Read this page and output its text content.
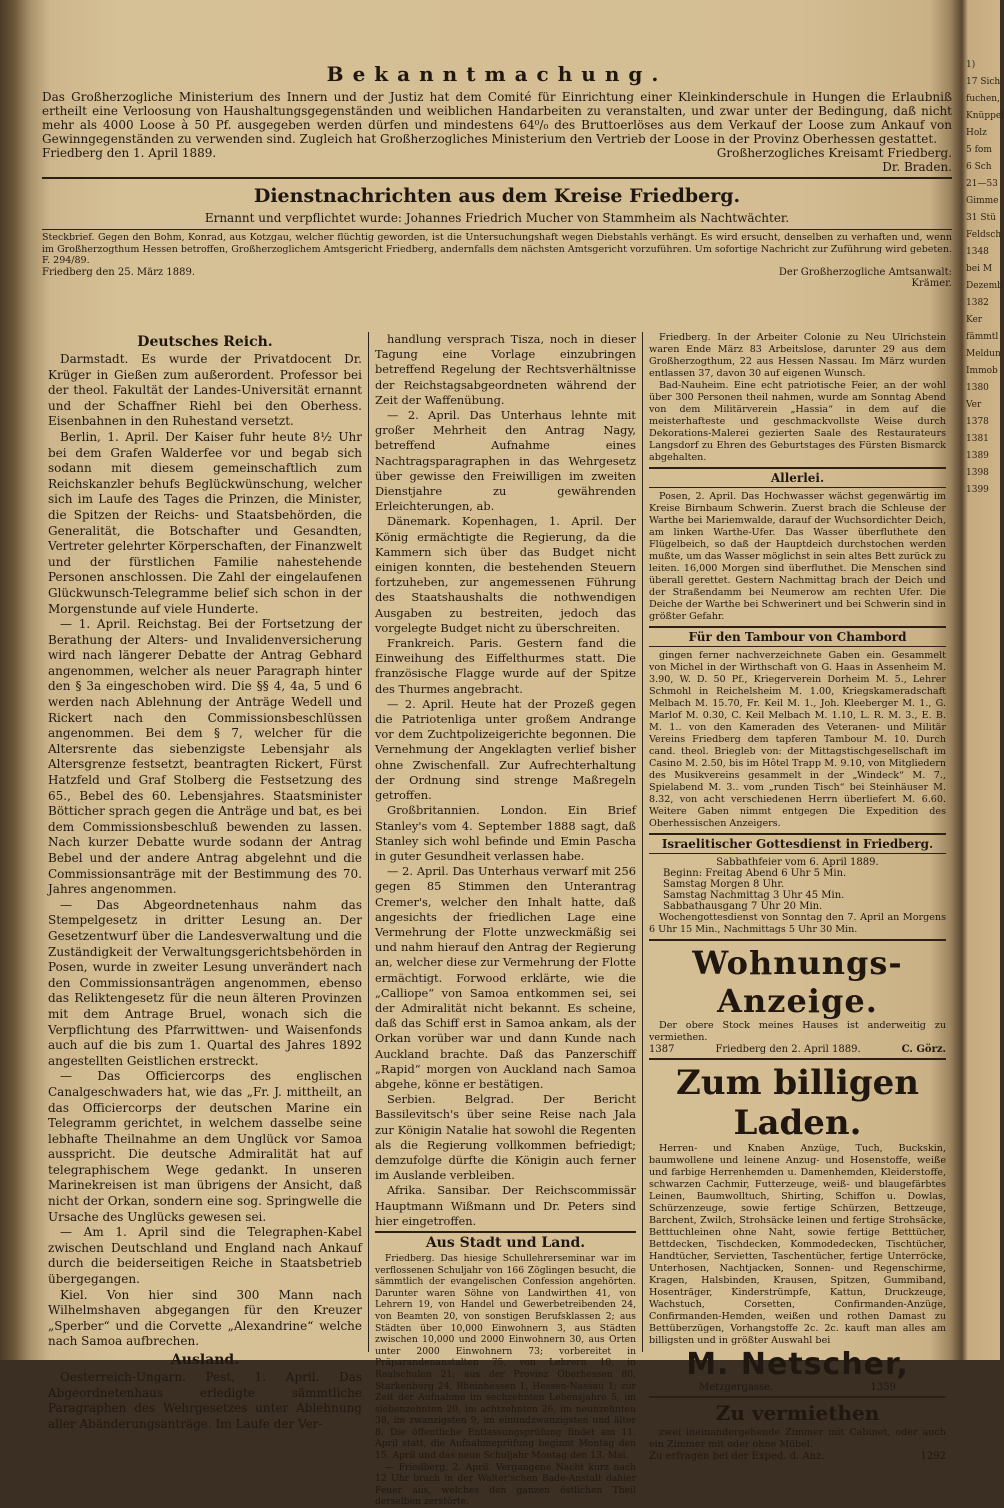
Bekanntmachung.

Das Großherzogliche Ministerium des Innern und der Justiz hat dem Comité für Einrichtung einer Kleinkinderschule in Hungen die Erlaubniß ertheilt eine Verloosung von Haushaltungsgegenständen und weiblichen Handarbeiten zu veranstalten, und zwar unter der Bedingung, daß nicht mehr als 4000 Loose à 50 Pf. ausgegeben werden dürfen und mindestens 64⁰/₀ des Bruttoerlöses aus dem Verkauf der Loose zum Ankauf von Gewinngegenständen zu verwenden sind. Zugleich hat Großherzogliches Ministerium den Vertrieb der Loose in der Provinz Oberhessen gestattet.

Friedberg den 1. April 1889.	Großherzogliches Kreisamt Friedberg.
Dr. Braden.
Dienstnachrichten aus dem Kreise Friedberg.

Ernannt und verpflichtet wurde: Johannes Friedrich Mucher von Stammheim als Nachtwächter.

Steckbrief. Gegen den Bohm, Konrad, aus Kotzgau, welcher flüchtig geworden, ist die Untersuchungshaft wegen Diebstahls verhängt. Es wird ersucht, denselben zu verhaften und, wenn im Großherzogthum Hessen betroffen, Großherzoglichem Amtsgericht Friedberg, andernfalls dem nächsten Amtsgericht vorzuführen. Um sofortige Nachricht zur Zuführung wird gebeten. F. 294/89.

Friedberg den 25. März 1889.	Der Großherzogliche Amtsanwalt:
Krämer.
Deutsches Reich.

Darmstadt. Es wurde der Privatdocent Dr. Krüger in Gießen zum außerordent. Professor bei der theol. Fakultät der Landes-Universität ernannt und der Schaffner Riehl bei den Oberhess. Eisenbahnen in den Ruhestand versetzt.

Berlin, 1. April. Der Kaiser fuhr heute 8½ Uhr bei dem Grafen Walderfee vor und begab sich sodann mit diesem gemeinschaftlich zum Reichskanzler behufs Beglückwünschung, welcher sich im Laufe des Tages die Prinzen, die Minister, die Spitzen der Reichs- und Staatsbehörden, die Generalität, die Botschafter und Gesandten, Vertreter gelehrter Körperschaften, der Finanzwelt und der fürstlichen Familie nahestehende Personen anschlossen. Die Zahl der eingelaufenen Glückwunsch-Telegramme belief sich schon in der Morgenstunde auf viele Hunderte.

— 1. April. Reichstag. Bei der Fortsetzung der Berathung der Alters- und Invalidenversicherung wird nach längerer Debatte der Antrag Gebhard angenommen, welcher als neuer Paragraph hinter den § 3a eingeschoben wird. Die §§ 4, 4a, 5 und 6 werden nach Ablehnung der Anträge Wedell und Rickert nach den Commissionsbeschlüssen angenommen. Bei dem § 7, welcher für die Altersrente das siebenzigste Lebensjahr als Altersgrenze festsetzt, beantragten Rickert, Fürst Hatzfeld und Graf Stolberg die Festsetzung des 65., Bebel des 60. Lebensjahres. Staatsminister Bötticher sprach gegen die Anträge und bat, es bei dem Commissionsbeschluß bewenden zu lassen. Nach kurzer Debatte wurde sodann der Antrag Bebel und der andere Antrag abgelehnt und die Commissionsanträge mit der Bestimmung des 70. Jahres angenommen.

— Das Abgeordnetenhaus nahm das Stempelgesetz in dritter Lesung an. Der Gesetzentwurf über die Landesverwaltung und die Zuständigkeit der Verwaltungsgerichtsbehörden in Posen, wurde in zweiter Lesung unverändert nach den Commissionsanträgen angenommen, ebenso das Reliktengesetz für die neun älteren Provinzen mit dem Antrage Bruel, wonach sich die Verpflichtung des Pfarrwittwen- und Waisenfonds auch auf die bis zum 1. Quartal des Jahres 1892 angestellten Geistlichen erstreckt.

— Das Officiercorps des englischen Canalgeschwaders hat, wie das „Fr. J. mittheilt, an das Officiercorps der deutschen Marine ein Telegramm gerichtet, in welchem dasselbe seine lebhafte Theilnahme an dem Unglück vor Samoa ausspricht. Die deutsche Admiralität hat auf telegraphischem Wege gedankt. In unseren Marinekreisen ist man übrigens der Ansicht, daß nicht der Orkan, sondern eine sog. Springwelle die Ursache des Unglücks gewesen sei.

— Am 1. April sind die Telegraphen-Kabel zwischen Deutschland und England nach Ankauf durch die beiderseitigen Reiche in Staatsbetrieb übergegangen.

Kiel. Von hier sind 300 Mann nach Wilhelmshaven abgegangen für den Kreuzer „Sperber“ und die Corvette „Alexandrine“ welche nach Samoa aufbrechen.

Ausland.

Oesterreich-Ungarn. Pest, 1. April. Das Abgeordnetenhaus erledigte sämmtliche Paragraphen des Wehrgesetzes unter Ablehnung aller Abänderungsanträge. Im Laufe der Ver-

handlung versprach Tisza, noch in dieser Tagung eine Vorlage einzubringen betreffend Regelung der Rechtsverhältnisse der Reichstagsabgeordneten während der Zeit der Waffenübung.

— 2. April. Das Unterhaus lehnte mit großer Mehrheit den Antrag Nagy, betreffend Aufnahme eines Nachtragsparagraphen in das Wehrgesetz über gewisse den Freiwilligen im zweiten Dienstjahre zu gewährenden Erleichterungen, ab.

Dänemark. Kopenhagen, 1. April. Der König ermächtigte die Regierung, da die Kammern sich über das Budget nicht einigen konnten, die bestehenden Steuern fortzuheben, zur angemessenen Führung des Staatshaushalts die nothwendigen Ausgaben zu bestreiten, jedoch das vorgelegte Budget nicht zu überschreiten.

Frankreich. Paris. Gestern fand die Einweihung des Eiffelthurmes statt. Die französische Flagge wurde auf der Spitze des Thurmes angebracht.

— 2. April. Heute hat der Prozeß gegen die Patriotenliga unter großem Andrange vor dem Zuchtpolizeigerichte begonnen. Die Vernehmung der Angeklagten verlief bisher ohne Zwischenfall. Zur Aufrechterhaltung der Ordnung sind strenge Maßregeln getroffen.

Großbritannien. London. Ein Brief Stanley's vom 4. September 1888 sagt, daß Stanley sich wohl befinde und Emin Pascha in guter Gesundheit verlassen habe.

— 2. April. Das Unterhaus verwarf mit 256 gegen 85 Stimmen den Unterantrag Cremer's, welcher den Inhalt hatte, daß angesichts der friedlichen Lage eine Vermehrung der Flotte unzweckmäßig sei und nahm hierauf den Antrag der Regierung an, welcher diese zur Vermehrung der Flotte ermächtigt. Forwood erklärte, wie die „Calliope“ von Samoa entkommen sei, sei der Admiralität nicht bekannt. Es scheine, daß das Schiff erst in Samoa ankam, als der Orkan vorüber war und dann Kunde nach Auckland brachte. Daß das Panzerschiff „Rapid“ morgen von Auckland nach Samoa abgehe, könne er bestätigen.

Serbien. Belgrad. Der Bericht Bassilevitsch's über seine Reise nach Jala zur Königin Natalie hat sowohl die Regenten als die Regierung vollkommen befriedigt; demzufolge dürfte die Königin auch ferner im Auslande verbleiben.

Afrika. Sansibar. Der Reichscommissär Hauptmann Wißmann und Dr. Peters sind hier eingetroffen.

Aus Stadt und Land.

Friedberg. Das hiesige Schullehrerseminar war im verflossenen Schuljahr von 166 Zöglingen besucht, die sämmtlich der evangelischen Confession angehörten. Darunter waren Söhne von Landwirthen 41, von Lehrern 19, von Handel und Gewerbetreibenden 24, von Beamten 20, von sonstigen Berufsklassen 2; aus Städten über 10,000 Einwohnern 3, aus Städten zwischen 10,000 und 2000 Einwohnern 30, aus Orten unter 2000 Einwohnern 73; vorbereitet in Präparandenanstalten 75, von Lehrern 10, in Realschulen 21; aus der Provinz Oberhessen 80, Starkenburg 24, Rheinhessen 1, Hessen-Nassau 1; zur Zeit der Aufnahme im sechzehnten Lebensjahre 5, im siebenzehnten 20, im achtzehnten 26, im neunzehnten 38, im zwanzigsten 9, im einundzwanzigsten und älter 8. Die öffentliche Entlassungsprüfung findet am 11. April statt, die Aufnahmeprüfung beginnt Montag den 15. April und das neue Schuljahr Montag den 13. Mai.

— Friedberg, 2. April. Vergangene Nacht kurz nach 12 Uhr brach in der Walter'schen Bade-Anstalt dahier Feuer aus, welches den ganzen östlichen Theil derselben zerstörte.

Friedberg. In der Arbeiter Colonie zu Neu Ulrichstein waren Ende März 83 Arbeitslose, darunter 29 aus dem Großherzogthum, 22 aus Hessen Nassau. Im März wurden entlassen 37, davon 30 auf eigenen Wunsch.

Bad-Nauheim. Eine echt patriotische Feier, an der wohl über 300 Personen theil nahmen, wurde am Sonntag Abend von dem Militärverein „Hassia“ in dem auf die meisterhafteste und geschmackvollste Weise durch Dekorations-Malerei gezierten Saale des Restaurateurs Langsdorf zu Ehren des Geburtstages des Fürsten Bismarck abgehalten.

Allerlei.

Posen, 2. April. Das Hochwasser wächst gegenwärtig im Kreise Birnbaum Schwerin. Zuerst brach die Schleuse der Warthe bei Mariemwalde, darauf der Wuchsordichter Deich, am linken Warthe-Ufer. Das Wasser überfluthete den Flügelbeich, so daß der Hauptdeich durchstochen werden mußte, um das Wasser möglichst in sein altes Bett zurück zu leiten. 16,000 Morgen sind überfluthet. Die Menschen sind überall gerettet. Gestern Nachmittag brach der Deich und der Straßendamm bei Neumerow am rechten Ufer. Die Deiche der Warthe bei Schwerinert und bei Schwerin sind in größter Gefahr.

Für den Tambour von Chambord

gingen ferner nachverzeichnete Gaben ein. Gesammelt von Michel in der Wirthschaft von G. Haas in Assenheim M. 3.90, W. D. 50 Pf., Kriegerverein Dorheim M. 5., Lehrer Schmohl in Reichelsheim M. 1.00, Kriegskameradschaft Melbach M. 15.70, Fr. Keil M. 1., Joh. Kleeberger M. 1., G. Marlof M. 0.30, C. Keil Melbach M. 1.10, L. R. M. 3., E. B. M. 1.. von den Kameraden des Veteranen- und Militär Vereins Friedberg dem tapferen Tambour M. 10. Durch cand. theol. Briegleb von: der Mittagstischgesellschaft im Casino M. 2.50, bis im Hôtel Trapp M. 9.10, von Mitgliedern des Musikvereins gesammelt in der „Windeck“ M. 7., Spielabend M. 3.. vom „runden Tisch“ bei Steinhäuser M. 8.32, von acht verschiedenen Herrn überliefert M. 6.60. Weitere Gaben nimmt entgegen Die Expedition des Oberhessischen Anzeigers.

Israelitischer Gottesdienst in Friedberg.
Sabbathfeier vom 6. April 1889.
Beginn: Freitag Abend 6 Uhr 5 Min.
Samstag Morgen 8 Uhr.
Samstag Nachmittag 3 Uhr 45 Min.
Sabbathausgang 7 Uhr 20 Min.

Wochengottesdienst von Sonntag den 7. April an Morgens 6 Uhr 15 Min., Nachmittags 5 Uhr 30 Min.

Wohnungs-Anzeige.

Der obere Stock meines Hauses ist anderweitig zu vermiethen.

1387	Friedberg den 2. April 1889.	C. Görz.
Zum billigen Laden.

Herren- und Knaben Anzüge, Tuch, Buckskin, baumwollene und leinene Anzug- und Hosenstoffe, weiße und farbige Herrenhemden u. Damenhemden, Kleiderstoffe, schwarzen Cachmir, Futterzeuge, weiß- und blaugefärbtes Leinen, Baumwolltuch, Shirting, Schiffon u. Dowlas, Schürzenzeuge, sowie fertige Schürzen, Bettzeuge, Barchent, Zwilch, Strohsäcke leinen und fertige Strohsäcke, Betttuchleinen ohne Naht, sowie fertige Betttücher, Bettdecken, Tischdecken, Kommodedecken, Tischtücher, Handtücher, Servietten, Taschentücher, fertige Unterröcke, Unterhosen, Nachtjacken, Sonnen- und Regenschirme, Kragen, Halsbinden, Krausen, Spitzen, Gummiband, Hosenträger, Kinderstrümpfe, Kattun, Druckzeuge, Wachstuch, Corsetten, Confirmanden-Anzüge, Confirmanden-Hemden, weißen und rothen Damast zu Bettüberzügen, Vorhangstoffe 2c. 2c. kauft man alles am billigsten und in größter Auswahl bei

M. Netscher,
Metzgergasse.	1359
Zu vermiethen

zwei ineinandergehende Zimmer mit Cabinet, oder auch ein Zimmer mit oder ohne Möbel.

Zu erfragen bei der Exped. d. Anz.	1292
1)
17 Sich
fuchen,
Knüppel
Holz
5 fom
6 Sch
21—53
Gimme
31 Stü
Feldsch
1348
bei M
Dezemb
1382
Ker
fämmtl
Meldun
Immob
1380
Ver
1378
1381
1389
1398
1399
